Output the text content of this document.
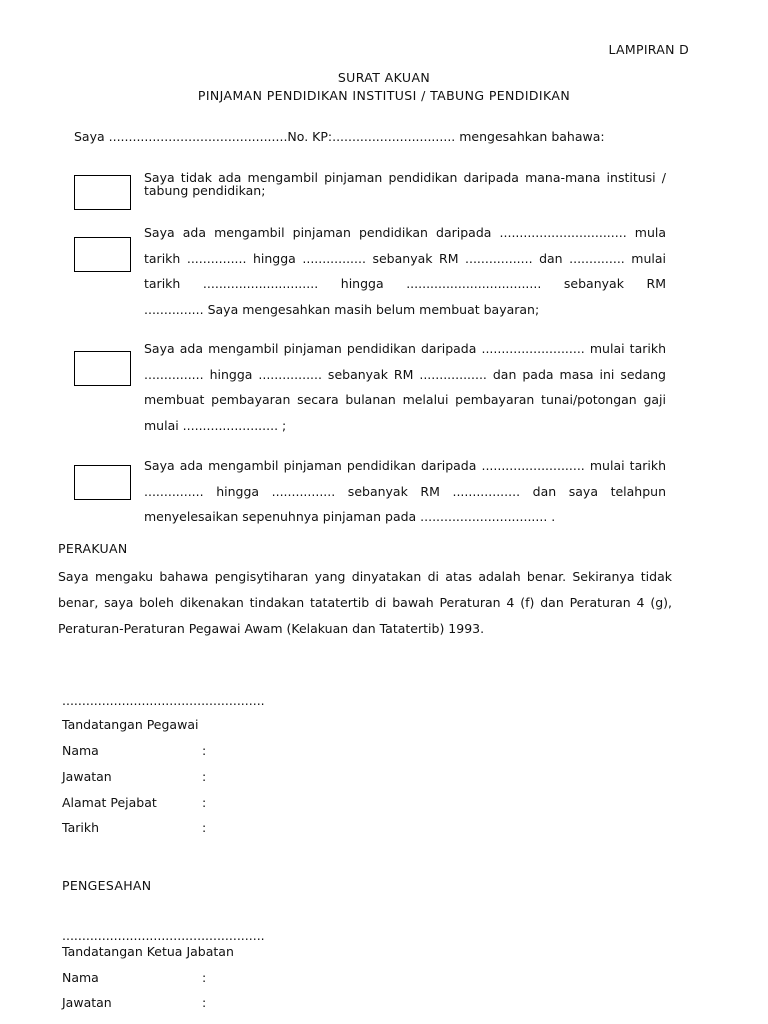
LAMPIRAN D
SURAT AKUAN
PINJAMAN PENDIDIKAN INSTITUSI / TABUNG PENDIDIKAN
Saya .............................................No. KP:............................... mengesahkan bahawa:
Saya tidak ada mengambil pinjaman pendidikan daripada mana-mana institusi /
tabung pendidikan;
Saya ada mengambil pinjaman pendidikan daripada ................................ mula
tarikh ............... hingga ................ sebanyak RM ................. dan .............. mulai
tarikh ............................. hingga .................................. sebanyak RM
............... Saya mengesahkan masih belum membuat bayaran;
Saya ada mengambil pinjaman pendidikan daripada .......................... mulai tarikh
............... hingga ................ sebanyak RM ................. dan pada masa ini sedang
membuat pembayaran secara bulanan melalui pembayaran tunai/potongan gaji
mulai ........................ ;
Saya ada mengambil pinjaman pendidikan daripada .......................... mulai tarikh
............... hingga ................ sebanyak RM ................. dan saya telahpun
menyelesaikan sepenuhnya pinjaman pada ................................ .
PERAKUAN
Saya mengaku bahawa pengisytiharan yang dinyatakan di atas adalah benar. Sekiranya tidak
benar, saya boleh dikenakan tindakan tatatertib di bawah Peraturan 4 (f) dan Peraturan 4 (g),
Peraturan-Peraturan Pegawai Awam (Kelakuan dan Tatatertib) 1993.
...................................................
Tandatangan Pegawai
Nama	:
Jawatan	:
Alamat Pejabat	:
Tarikh	:
PENGESAHAN
...................................................
Tandatangan Ketua Jabatan
Nama	:
Jawatan	:
